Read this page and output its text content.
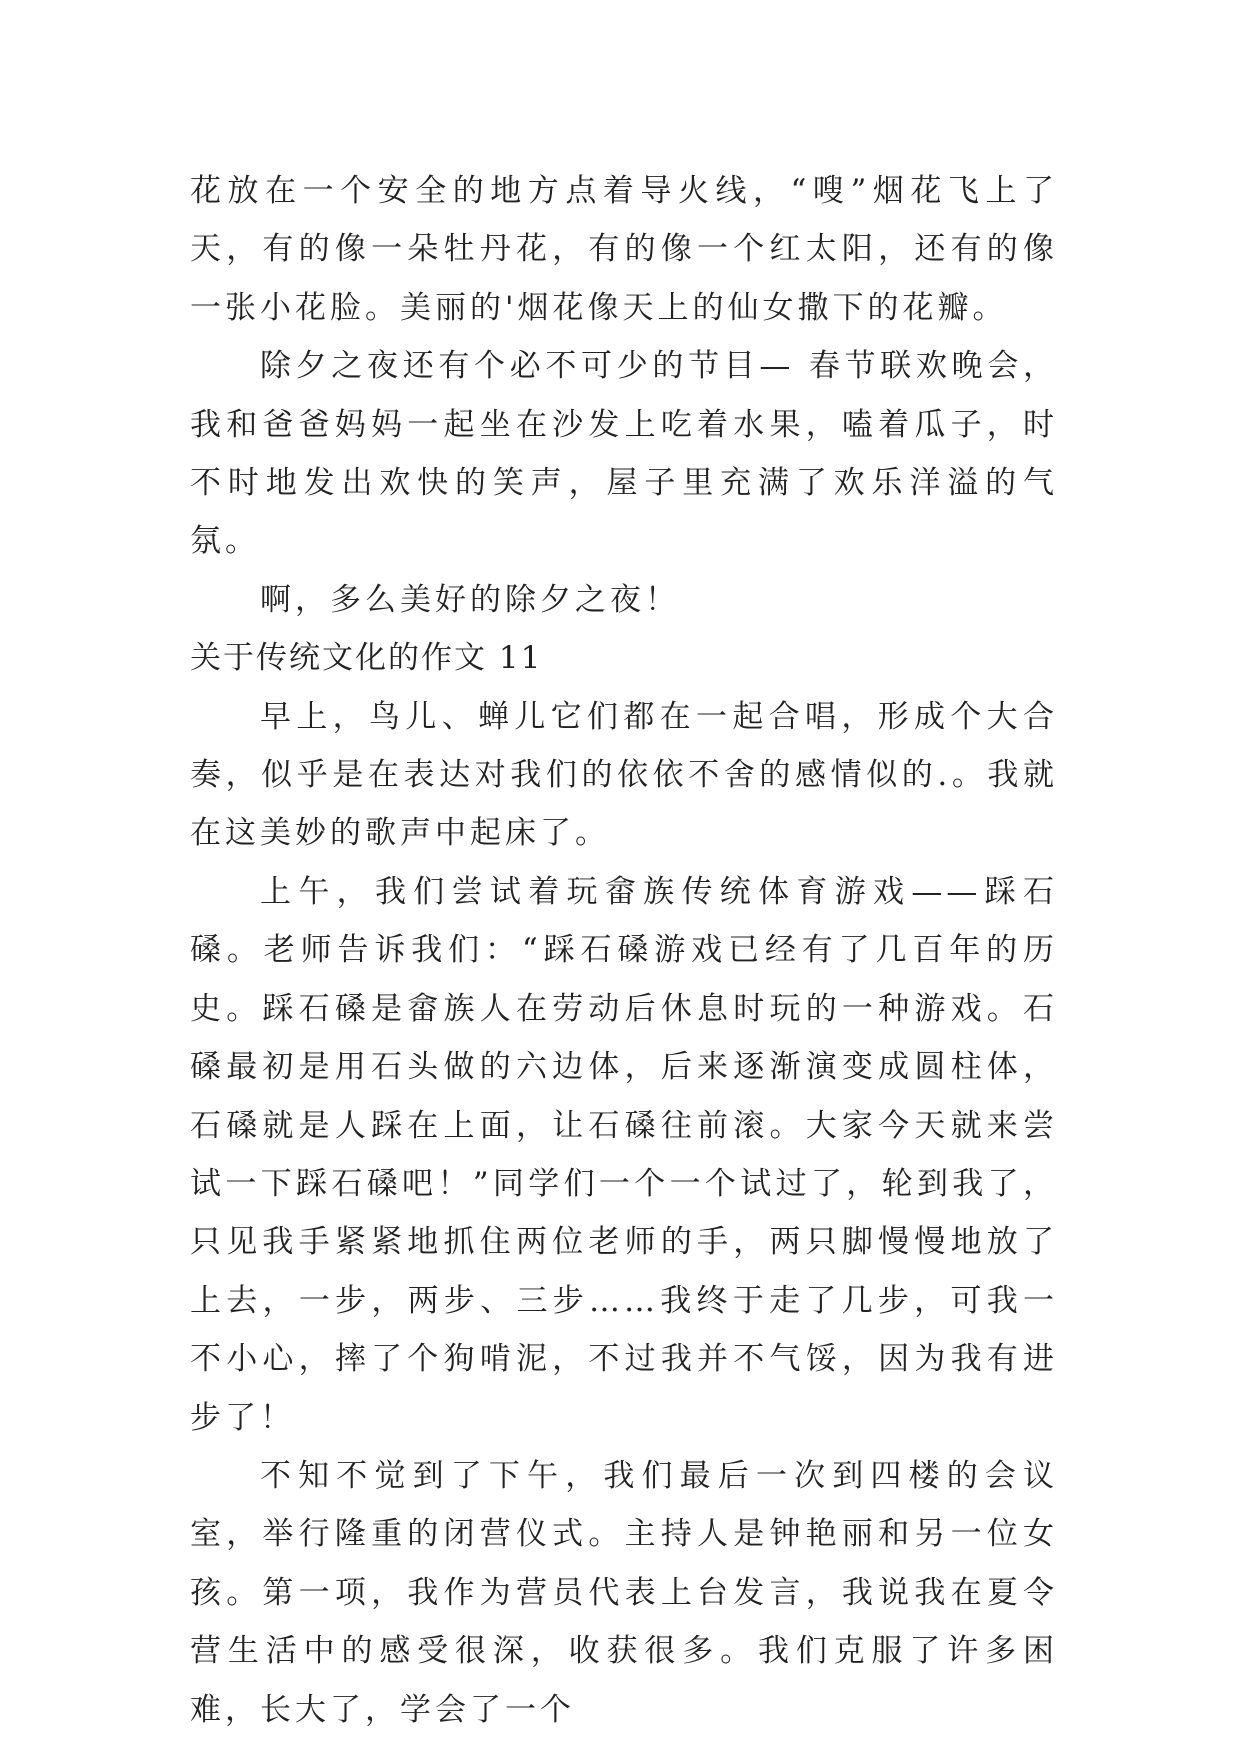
花放在一个安全的地方点着导火线，“嗖”烟花飞上了天，有的像一朵牡丹花，有的像一个红太阳，还有的像一张小花脸。美丽的'烟花像天上的仙女撒下的花瓣。

除夕之夜还有个必不可少的节目— 春节联欢晚会，我和爸爸妈妈一起坐在沙发上吃着水果，嗑着瓜子，时不时地发出欢快的笑声，屋子里充满了欢乐洋溢的气氛。

啊，多么美好的除夕之夜！

关于传统文化的作文 11

早上，鸟儿、蝉儿它们都在一起合唱，形成个大合奏，似乎是在表达对我们的依依不舍的感情似的.。我就在这美妙的歌声中起床了。

上午，我们尝试着玩畲族传统体育游戏——踩石磉。老师告诉我们：“踩石磉游戏已经有了几百年的历史。踩石磉是畲族人在劳动后休息时玩的一种游戏。石磉最初是用石头做的六边体，后来逐渐演变成圆柱体，石磉就是人踩在上面，让石磉往前滚。大家今天就来尝试一下踩石磉吧！”同学们一个一个试过了，轮到我了，只见我手紧紧地抓住两位老师的手，两只脚慢慢地放了上去，一步，两步、三步……我终于走了几步，可我一不小心，摔了个狗啃泥，不过我并不气馁，因为我有进步了！

不知不觉到了下午，我们最后一次到四楼的会议室，举行隆重的闭营仪式。主持人是钟艳丽和另一位女孩。第一项，我作为营员代表上台发言，我说我在夏令营生活中的感受很深，收获很多。我们克服了许多困难，长大了，学会了一个
